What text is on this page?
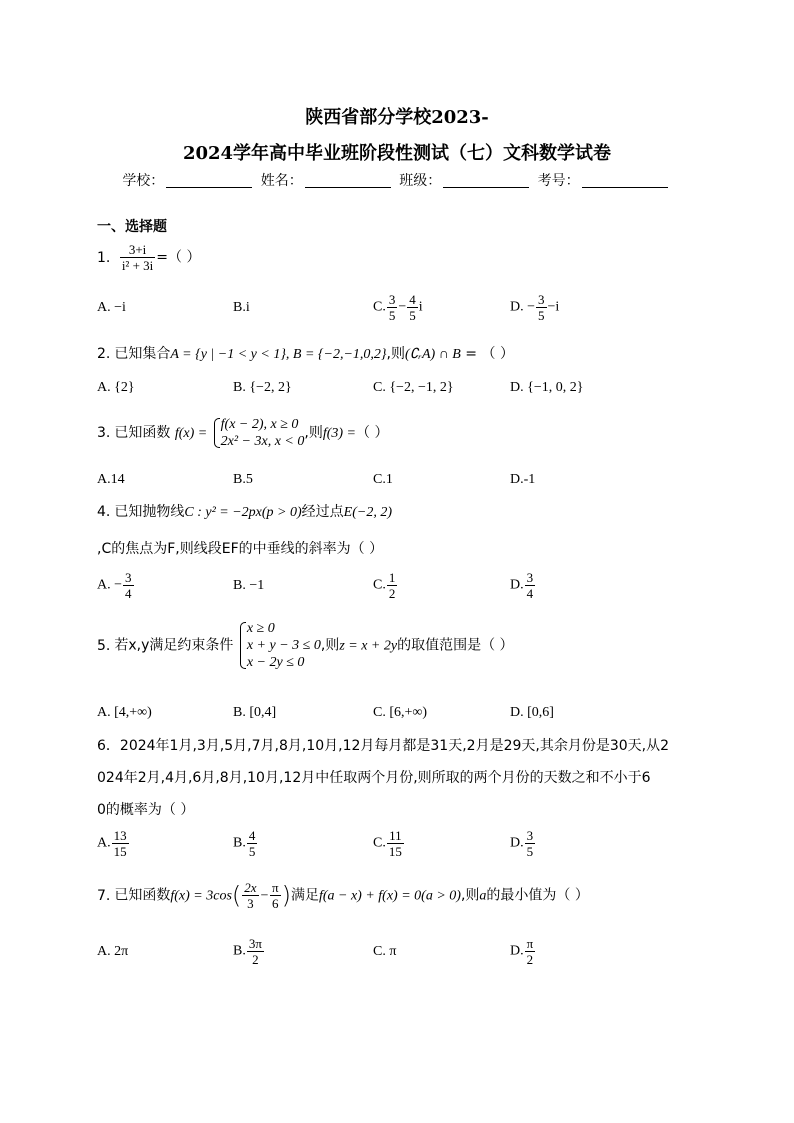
陕西省部分学校2023-
2024学年高中毕业班阶段性测试（七）文科数学试卷
学校：	姓名：	班级：	考号：
一、选择题
1. $\frac{3+i}{\text{i² + 3i}}$ =（ ）
A. −i	B.i	C. $\frac{3}{5} - \frac{4}{5}$ i	D. − $\frac{3}{5} -i$
2. 已知集合A = {y | −1 < y < 1}, B = {−2,−1,0,2},则(∁ᵣA) ∩ B = （ ）
A. {2}	B. {−2, 2}	C. {−2, −1, 2}	D. {−1, 0, 2}
3. 已知函数 f(x) =
f(x − 2), x ≥ 0
2x² − 3x, x < 0
,则f(3) =（ ）
A.14	B.5	C.1	D.-1
4. 已知抛物线C : y² = −2px(p > 0)经过点E(−2, 2)
,C的焦点为F,则线段EF的中垂线的斜率为（ ）
A. − $\frac{3}{4}$	B. −1	C. $\frac{1}{2}$	D. $\frac{3}{4}$
5. 若x,y满足约束条件
x ≥ 0
x + y − 3 ≤ 0
x − 2y ≤ 0
,则z = x + 2y的取值范围是（ ）
A. [4,+∞)	B. [0,4]	C. [6,+∞)	D. [0,6]
6．2024年1月,3月,5月,7月,8月,10月,12月每月都是31天,2月是29天,其余月份是30天,从2
024年2月,4月,6月,8月,10月,12月中任取两个月份,则所取的两个月份的天数之和不小于6
0的概率为（ ）
A. $\frac{13}{15}$	B. $\frac{4}{5}$	C. $\frac{11}{15}$	D. $\frac{3}{5}$
7. 已知函数$f(x) = 3\cos( \frac{2x}{3} - \frac{\pi}{6}$ )满足f(a − x) + f(x) = 0(a > 0),则a的最小值为（ ）
A. 2π	B. $\frac{3\pi}{2}$	C. π	D. $\frac{\pi}{2}$
